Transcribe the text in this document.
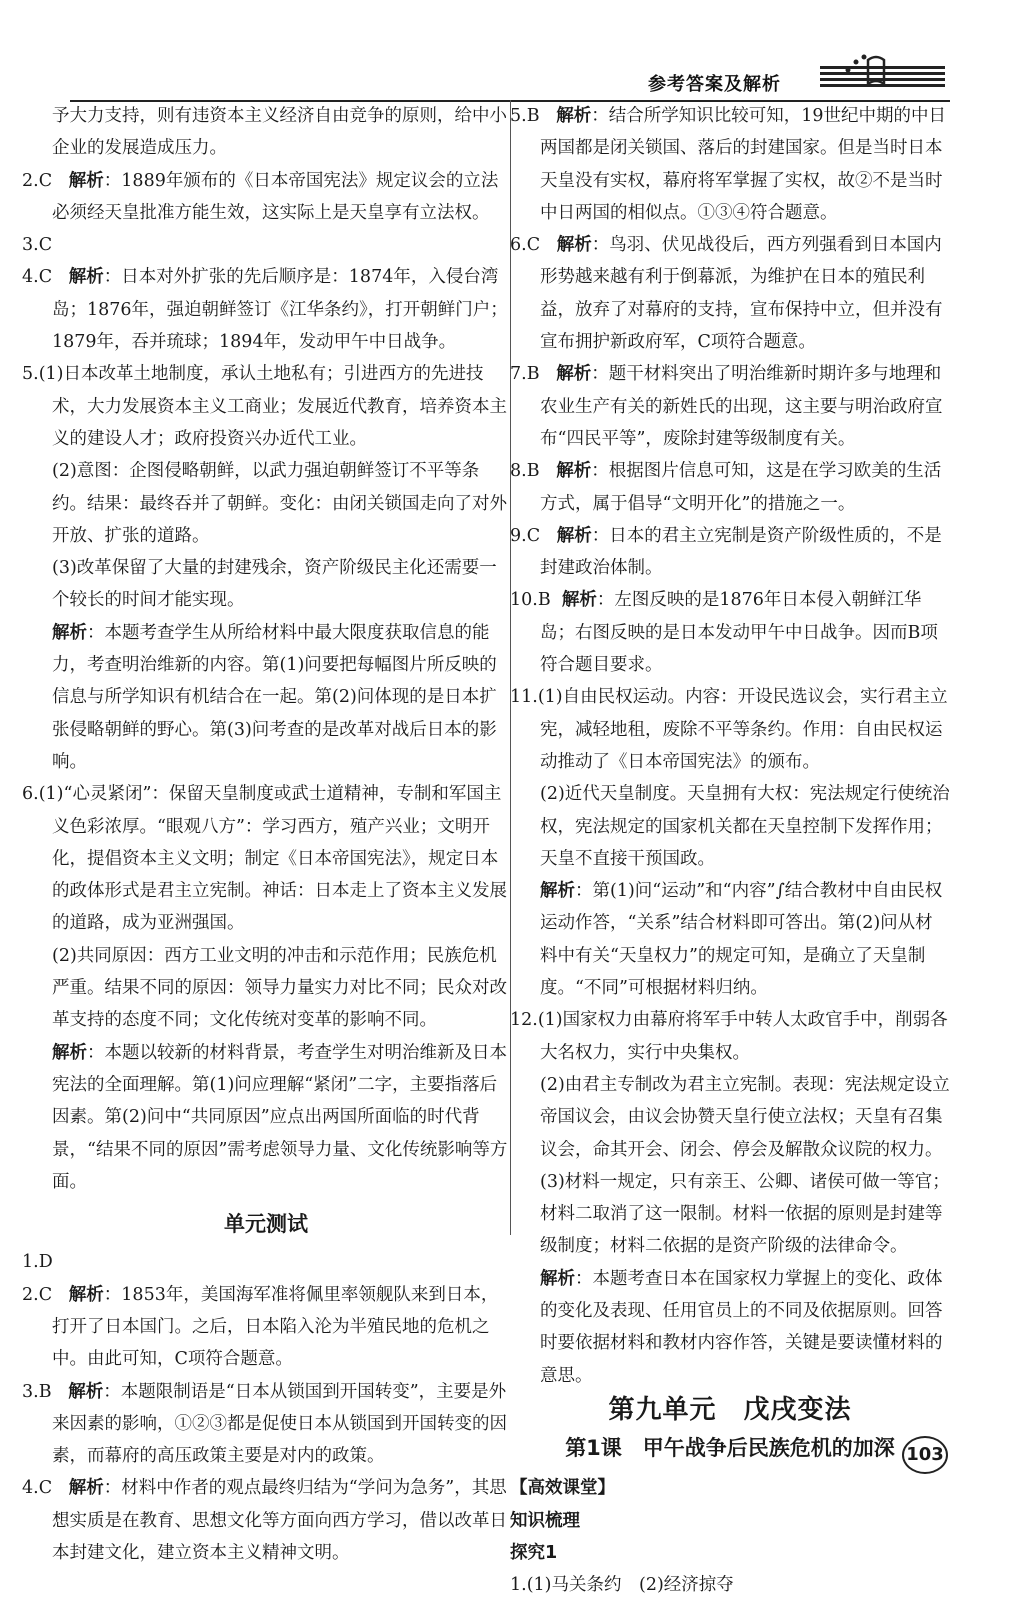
参考答案及解析

予大力支持，则有违资本主义经济自由竞争的原则，给中小企业的发展造成压力。

2.C 解析：1889年颁布的《日本帝国宪法》规定议会的立法必须经天皇批准方能生效，这实际上是天皇享有立法权。

3.C

4.C 解析：日本对外扩张的先后顺序是：1874年，入侵台湾岛；1876年，强迫朝鲜签订《江华条约》，打开朝鲜门户；1879年，吞并琉球；1894年，发动甲午中日战争。

5.(1)日本改革土地制度，承认土地私有；引进西方的先进技术，大力发展资本主义工商业；发展近代教育，培养资本主义的建设人才；政府投资兴办近代工业。

(2)意图：企图侵略朝鲜，以武力强迫朝鲜签订不平等条约。结果：最终吞并了朝鲜。变化：由闭关锁国走向了对外开放、扩张的道路。

(3)改革保留了大量的封建残余，资产阶级民主化还需要一个较长的时间才能实现。

解析：本题考查学生从所给材料中最大限度获取信息的能力，考查明治维新的内容。第(1)问要把每幅图片所反映的信息与所学知识有机结合在一起。第(2)问体现的是日本扩张侵略朝鲜的野心。第(3)问考查的是改革对战后日本的影响。

6.(1)“心灵紧闭”：保留天皇制度或武士道精神，专制和军国主义色彩浓厚。“眼观八方”：学习西方，殖产兴业；文明开化，提倡资本主义文明；制定《日本帝国宪法》，规定日本的政体形式是君主立宪制。神话：日本走上了资本主义发展的道路，成为亚洲强国。

(2)共同原因：西方工业文明的冲击和示范作用；民族危机严重。结果不同的原因：领导力量实力对比不同；民众对改革支持的态度不同；文化传统对变革的影响不同。

解析：本题以较新的材料背景，考查学生对明治维新及日本宪法的全面理解。第(1)问应理解“紧闭”二字，主要指落后因素。第(2)问中“共同原因”应点出两国所面临的时代背景，“结果不同的原因”需考虑领导力量、文化传统影响等方面。

单元测试

1.D

2.C 解析：1853年，美国海军准将佩里率领舰队来到日本，打开了日本国门。之后，日本陷入沦为半殖民地的危机之中。由此可知，C项符合题意。

3.B 解析：本题限制语是“日本从锁国到开国转变”，主要是外来因素的影响，①②③都是促使日本从锁国到开国转变的因素，而幕府的高压政策主要是对内的政策。

4.C 解析：材料中作者的观点最终归结为“学问为急务”，其思想实质是在教育、思想文化等方面向西方学习，借以改革日本封建文化，建立资本主义精神文明。

5.B 解析：结合所学知识比较可知，19世纪中期的中日两国都是闭关锁国、落后的封建国家。但是当时日本天皇没有实权，幕府将军掌握了实权，故②不是当时中日两国的相似点。①③④符合题意。

6.C 解析：鸟羽、伏见战役后，西方列强看到日本国内形势越来越有利于倒幕派，为维护在日本的殖民利益，放弃了对幕府的支持，宣布保持中立，但并没有宣布拥护新政府军，C项符合题意。

7.B 解析：题干材料突出了明治维新时期许多与地理和农业生产有关的新姓氏的出现，这主要与明治政府宣布“四民平等”，废除封建等级制度有关。

8.B 解析：根据图片信息可知，这是在学习欧美的生活方式，属于倡导“文明开化”的措施之一。

9.C 解析：日本的君主立宪制是资产阶级性质的，不是封建政治体制。

10.B 解析：左图反映的是1876年日本侵入朝鲜江华岛；右图反映的是日本发动甲午中日战争。因而B项符合题目要求。

11.(1)自由民权运动。内容：开设民选议会，实行君主立宪，减轻地租，废除不平等条约。作用：自由民权运动推动了《日本帝国宪法》的颁布。

(2)近代天皇制度。天皇拥有大权：宪法规定行使统治权，宪法规定的国家机关都在天皇控制下发挥作用；天皇不直接干预国政。

解析：第(1)问“运动”和“内容”∫结合教材中自由民权运动作答，“关系”结合材料即可答出。第(2)问从材料中有关“天皇权力”的规定可知，是确立了天皇制度。“不同”可根据材料归纳。

12.(1)国家权力由幕府将军手中转人太政官手中，削弱各大名权力，实行中央集权。

(2)由君主专制改为君主立宪制。表现：宪法规定设立帝国议会，由议会协赞天皇行使立法权；天皇有召集议会，命其开会、闭会、停会及解散众议院的权力。

(3)材料一规定，只有亲王、公卿、诸侯可做一等官；材料二取消了这一限制。材料一依据的原则是封建等级制度；材料二依据的是资产阶级的法律命令。

解析：本题考查日本在国家权力掌握上的变化、政体的变化及表现、任用官员上的不同及依据原则。回答时要依据材料和教材内容作答，关键是要读懂材料的意思。

第九单元　戊戌变法
第1课　甲午战争后民族危机的加深

【高效课堂】

知识梳理

探究1

1.(1)马关条约　(2)经济掠夺

103
